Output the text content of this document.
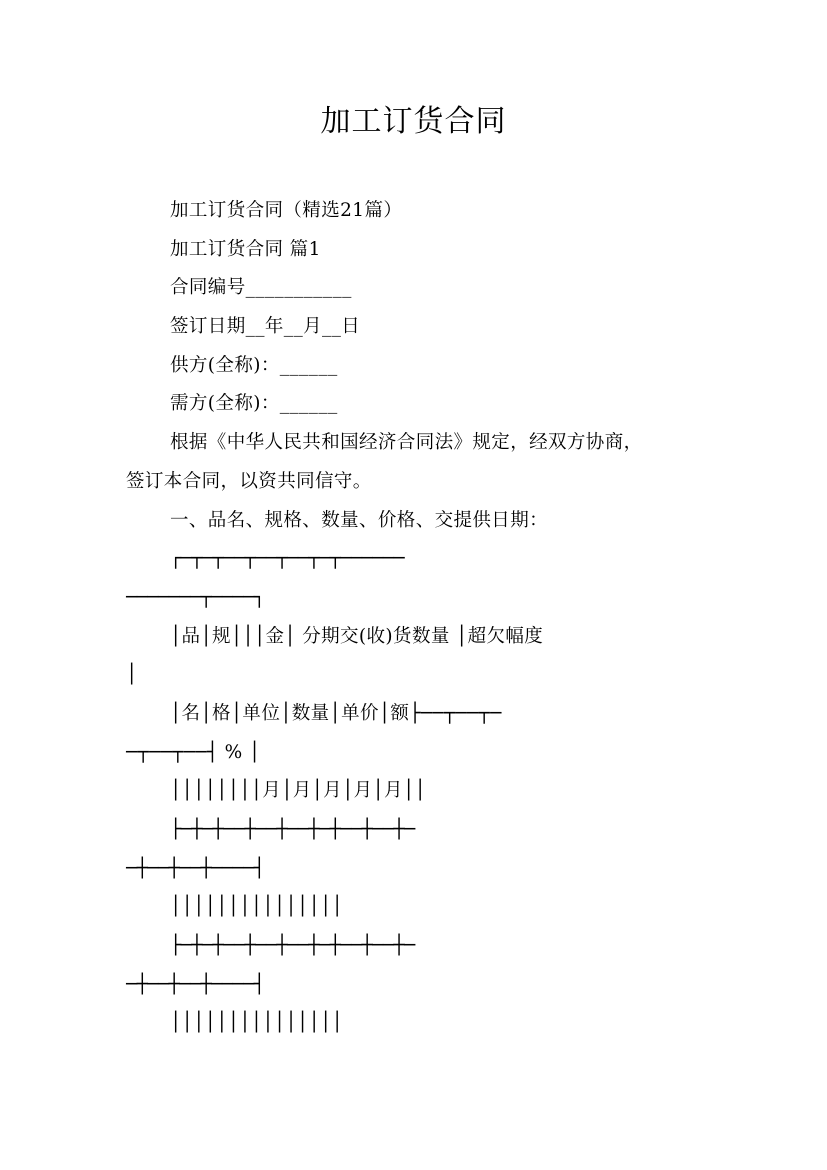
加工订货合同
加工订货合同（精选21篇）
加工订货合同 篇1
合同编号___________
签订日期__年__月__日
供方(全称)：______
需方(全称)：______
根据《中华人民共和国经济合同法》规定，经双方协商，
签订本合同，以资共同信守。
一、品名、规格、数量、价格、交提供日期：
┌─┬─┬──┬──┬──┬─┬──────
───────┬────┐
│品│规│││金│ 分期交(收)货数量 │超欠幅度
│
│名│格│单位│数量│单价│额├──┬──┬─
─┬──┬──┤ % │
││││││││月│月│月│月│月││
├─┼─┼──┼──┼──┼─┼──┼──┼─
─┼──┼──┼────┤
│││││││││││││││
├─┼─┼──┼──┼──┼─┼──┼──┼─
─┼──┼──┼────┤
│││││││││││││││
